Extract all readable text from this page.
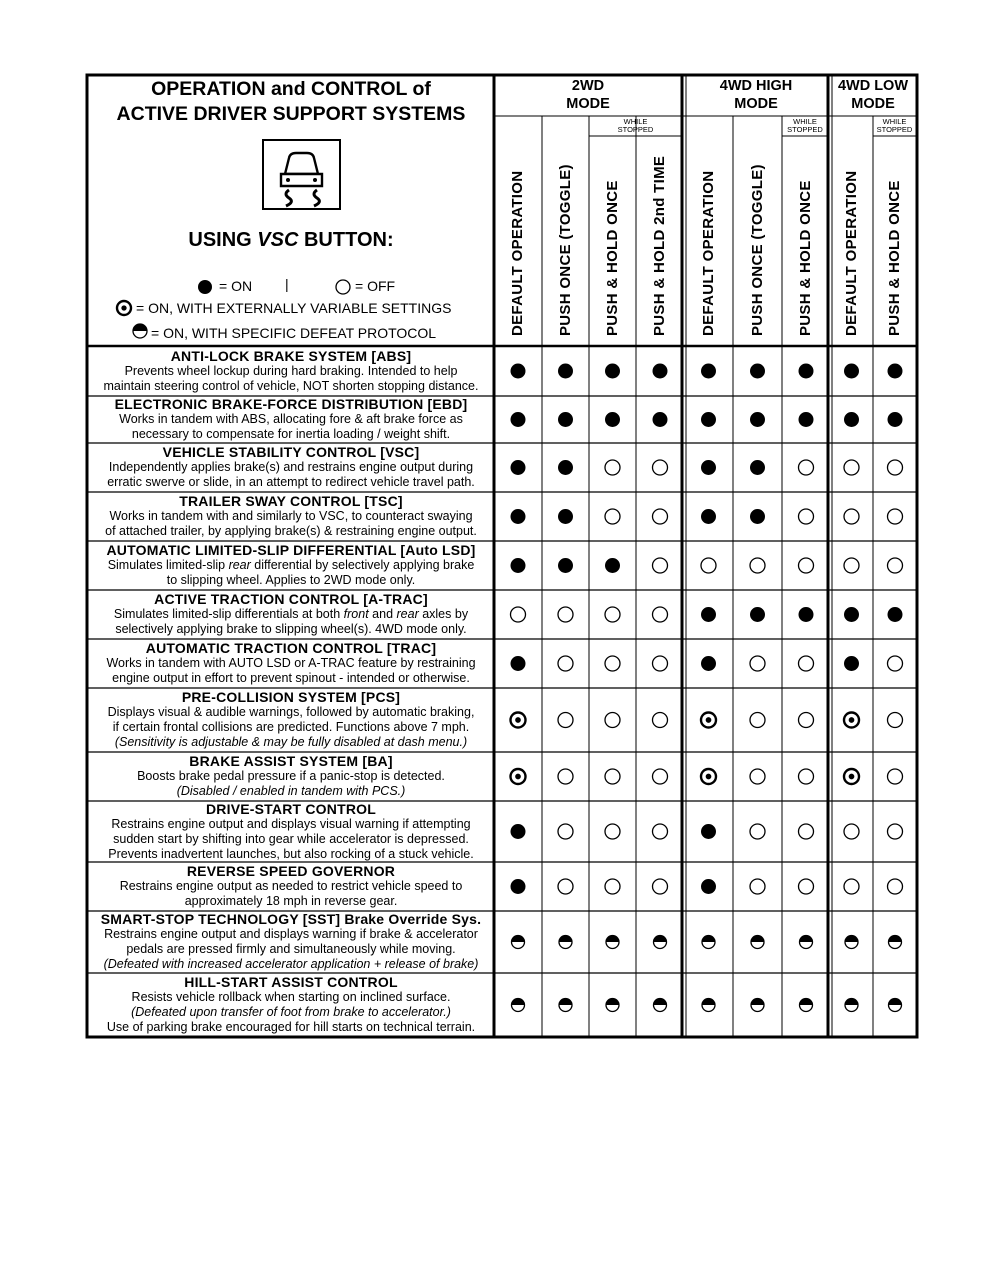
OPERATION and CONTROL of
ACTIVE DRIVER SUPPORT SYSTEMS
USING VSC BUTTON:
= ON |	= OFF
= ON, WITH EXTERNALLY VARIABLE SETTINGS
= ON, WITH SPECIFIC DEFEAT PROTOCOL
2WD
MODE
4WD HIGH
MODE
4WD LOW
MODE
WHILE
STOPPED
WHILE
STOPPED
WHILE
STOPPED
DEFAULT OPERATION PUSH ONCE (TOGGLE) PUSH & HOLD ONCE PUSH & HOLD 2nd TIME DEFAULT OPERATION PUSH ONCE (TOGGLE) PUSH & HOLD ONCE DEFAULT OPERATION PUSH & HOLD ONCE
ANTI-LOCK BRAKE SYSTEM [ABS]
Prevents wheel lockup during hard braking. Intended to help
maintain steering control of vehicle, NOT shorten stopping distance.
ELECTRONIC BRAKE-FORCE DISTRIBUTION [EBD]
Works in tandem with ABS, allocating fore & aft brake force as
necessary to compensate for inertia loading / weight shift.
VEHICLE STABILITY CONTROL [VSC]
Independently applies brake(s) and restrains engine output during
erratic swerve or slide, in an attempt to redirect vehicle travel path.
TRAILER SWAY CONTROL [TSC]
Works in tandem with and similarly to VSC, to counteract swaying
of attached trailer, by applying brake(s) & restraining engine output.
AUTOMATIC LIMITED-SLIP DIFFERENTIAL [Auto LSD]
Simulates limited-slip rear differential by selectively applying brake
to slipping wheel. Applies to 2WD mode only.
ACTIVE TRACTION CONTROL [A-TRAC]
Simulates limited-slip differentials at both front and rear axles by
selectively applying brake to slipping wheel(s). 4WD mode only.
AUTOMATIC TRACTION CONTROL [TRAC]
Works in tandem with AUTO LSD or A-TRAC feature by restraining
engine output in effort to prevent spinout - intended or otherwise.
PRE-COLLISION SYSTEM [PCS]
Displays visual & audible warnings, followed by automatic braking,
if certain frontal collisions are predicted. Functions above 7 mph.
(Sensitivity is adjustable & may be fully disabled at dash menu.)
BRAKE ASSIST SYSTEM [BA]
Boosts brake pedal pressure if a panic-stop is detected.
(Disabled / enabled in tandem with PCS.)
DRIVE-START CONTROL
Restrains engine output and displays visual warning if attempting
sudden start by shifting into gear while accelerator is depressed.
Prevents inadvertent launches, but also rocking of a stuck vehicle.
REVERSE SPEED GOVERNOR
Restrains engine output as needed to restrict vehicle speed to
approximately 18 mph in reverse gear.
SMART-STOP TECHNOLOGY [SST] Brake Override Sys.
Restrains engine output and displays warning if brake & accelerator
pedals are pressed firmly and simultaneously while moving.
(Defeated with increased accelerator application + release of brake)
HILL-START ASSIST CONTROL
Resists vehicle rollback when starting on inclined surface.
(Defeated upon transfer of foot from brake to accelerator.)
Use of parking brake encouraged for hill starts on technical terrain.
